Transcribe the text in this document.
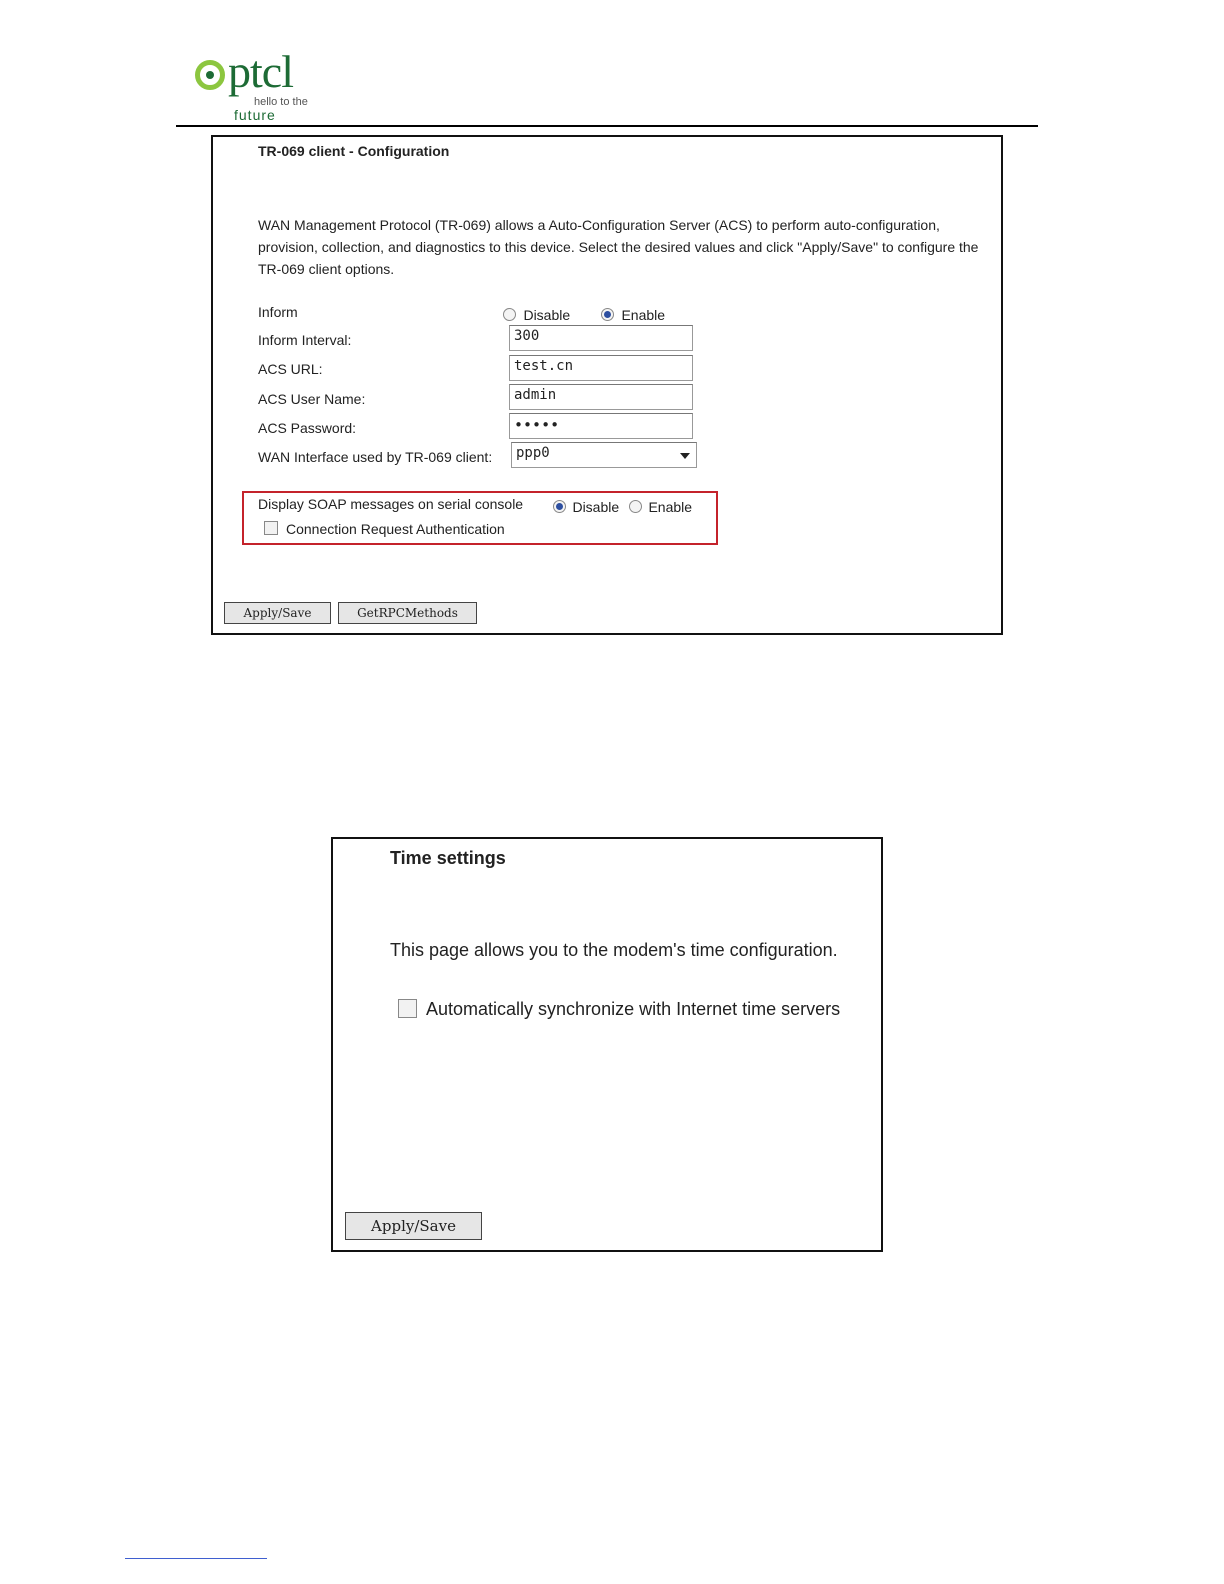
ptcl
hello to the
future
TR-069 client - Configuration
WAN Management Protocol (TR-069) allows a Auto-Configuration Server (ACS) to perform auto-configuration, provision, collection, and diagnostics to this device. Select the desired values and click "Apply/Save" to configure the TR-069 client options.
Inform	Disable	Enable
Inform Interval:	300
ACS URL:	test.cn
ACS User Name:	admin
ACS Password:	•••••
WAN Interface used by TR-069 client:	ppp0
Display SOAP messages on serial console	Disable	Enable
Connection Request Authentication
Apply/Save	GetRPCMethods
Time settings
This page allows you to the modem's time configuration.
Automatically synchronize with Internet time servers
Apply/Save
